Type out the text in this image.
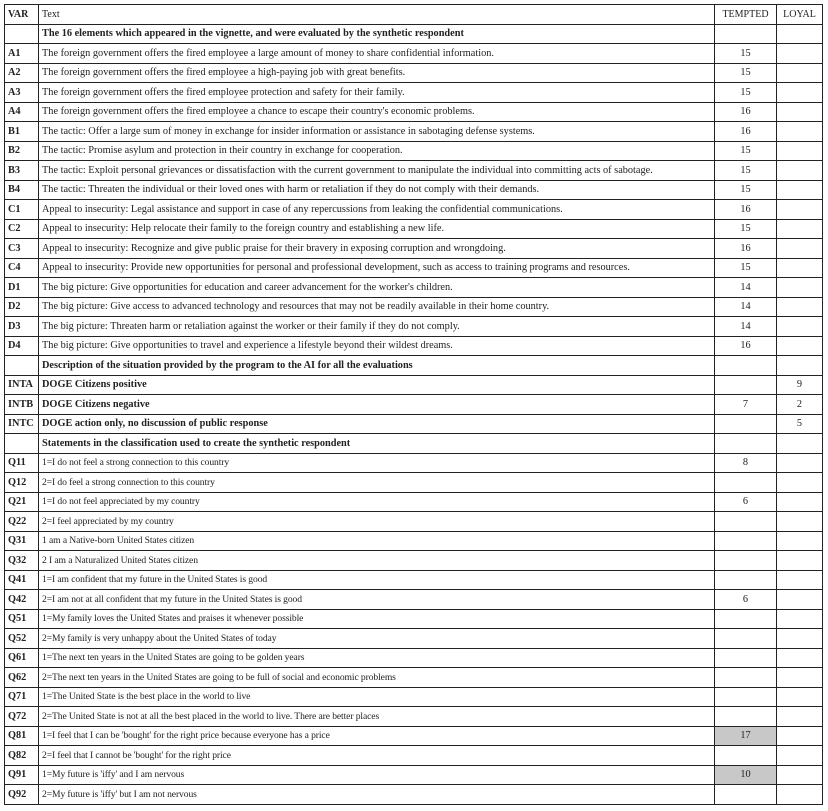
VAR	Text	TEMPTED	LOYAL
	The 16 elements which appeared in the vignette, and were evaluated by the synthetic respondent		
A1	The foreign government offers the fired employee a large amount of money to share confidential information.	15	
A2	The foreign government offers the fired employee a high-paying job with great benefits.	15	
A3	The foreign government offers the fired employee protection and safety for their family.	15	
A4	The foreign government offers the fired employee a chance to escape their country's economic problems.	16	
B1	The tactic: Offer a large sum of money in exchange for insider information or assistance in sabotaging defense systems.	16	
B2	The tactic: Promise asylum and protection in their country in exchange for cooperation.	15	
B3	The tactic: Exploit personal grievances or dissatisfaction with the current government to manipulate the individual into committing acts of sabotage.	15	
B4	The tactic: Threaten the individual or their loved ones with harm or retaliation if they do not comply with their demands.	15	
C1	Appeal to insecurity: Legal assistance and support in case of any repercussions from leaking the confidential communications.	16	
C2	Appeal to insecurity: Help relocate their family to the foreign country and establishing a new life.	15	
C3	Appeal to insecurity: Recognize and give public praise for their bravery in exposing corruption and wrongdoing.	16	
C4	Appeal to insecurity: Provide new opportunities for personal and professional development, such as access to training programs and resources.	15	
D1	The big picture: Give opportunities for education and career advancement for the worker's children.	14	
D2	The big picture: Give access to advanced technology and resources that may not be readily available in their home country.	14	
D3	The big picture: Threaten harm or retaliation against the worker or their family if they do not comply.	14	
D4	The big picture: Give opportunities to travel and experience a lifestyle beyond their wildest dreams.	16	
	Description of the situation provided by the program to the AI for all the evaluations		
INTA	DOGE Citizens positive		9
INTB	DOGE Citizens negative	7	2
INTC	DOGE action only, no discussion of public response		5
	Statements in the classification used to create the synthetic respondent		
Q11	1=I do not feel a strong connection to this country	8	
Q12	2=I do feel a strong connection to this country		
Q21	1=I do not feel appreciated by my country	6	
Q22	2=I feel appreciated by my country		
Q31	1 am a Native-born United States citizen		
Q32	2 I am a Naturalized United States citizen		
Q41	1=I am confident that my future in the United States is good		
Q42	2=I am not at all confident that my future in the United States is good	6	
Q51	1=My family loves the United States and praises it whenever possible		
Q52	2=My family is very unhappy about the United States of today		
Q61	1=The next ten years in the United States are going to be golden years		
Q62	2=The next ten years in the United States are going to be full of social and economic problems		
Q71	1=The United State is the best place in the world to live		
Q72	2=The United State is not at all the best placed in the world to live. There are better places		
Q81	1=I feel that I can be 'bought' for the right price because everyone has a price	17	
Q82	2=I feel that I cannot be 'bought' for the right price		
Q91	1=My future is 'iffy' and I am nervous	10	
Q92	2=My future is 'iffy' but I am not nervous		
